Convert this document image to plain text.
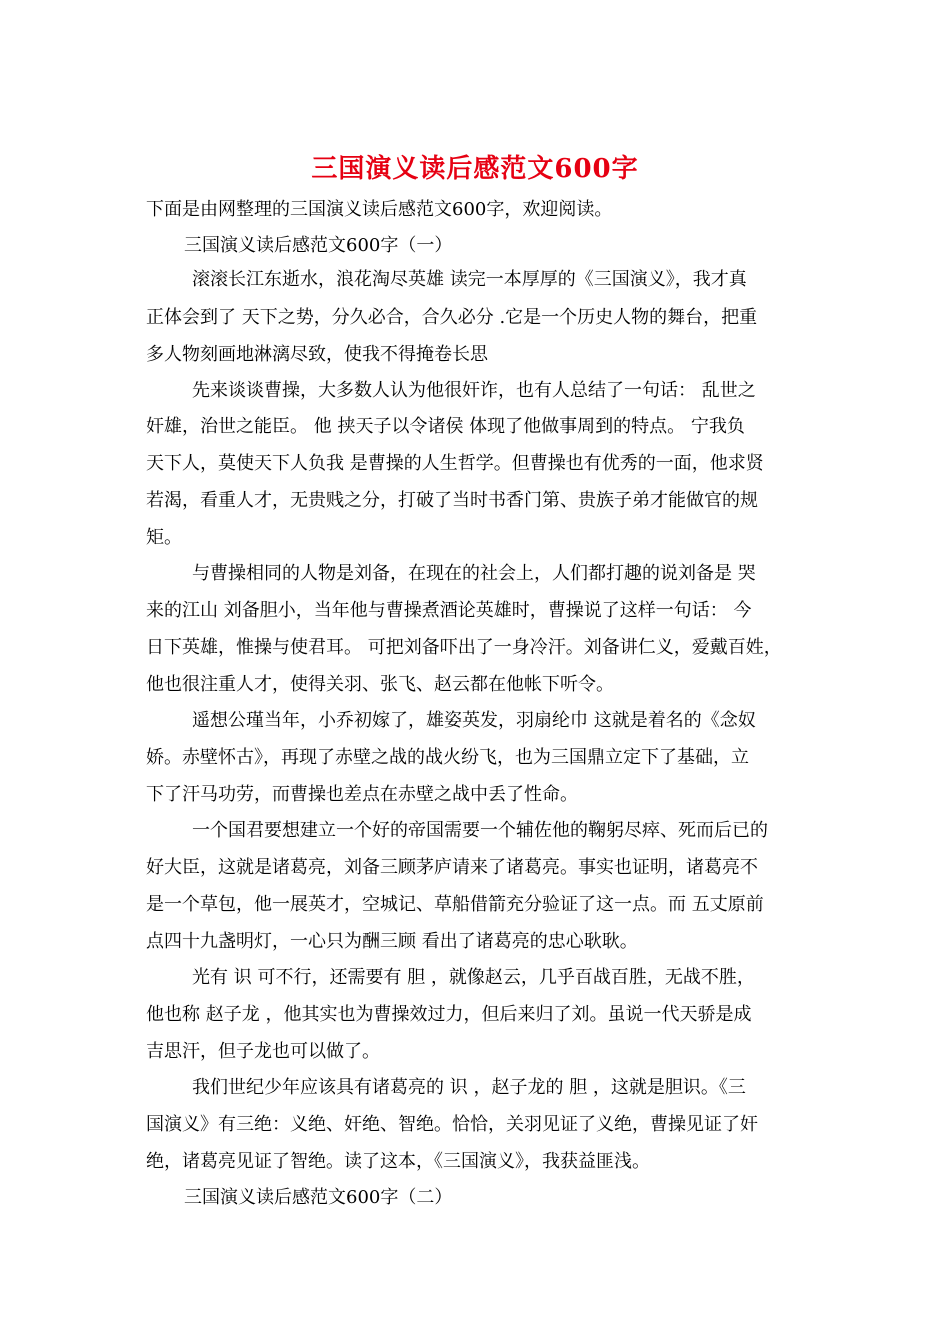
三国演义读后感范文600字
下面是由网整理的三国演义读后感范文600字，欢迎阅读。
三国演义读后感范文600字（一）
滚滚长江东逝水，浪花淘尽英雄 读完一本厚厚的《三国演义》，我才真
正体会到了 天下之势，分久必合，合久必分 .它是一个历史人物的舞台，把重
多人物刻画地淋漓尽致，使我不得掩卷长思
先来谈谈曹操，大多数人认为他很奸诈，也有人总结了一句话： 乱世之
奸雄，治世之能臣。 他 挟天子以令诸侯 体现了他做事周到的特点。 宁我负
天下人，莫使天下人负我 是曹操的人生哲学。但曹操也有优秀的一面，他求贤
若渴，看重人才，无贵贱之分，打破了当时书香门第、贵族子弟才能做官的规
矩。
与曹操相同的人物是刘备，在现在的社会上，人们都打趣的说刘备是 哭
来的江山 刘备胆小，当年他与曹操煮酒论英雄时，曹操说了这样一句话： 今
日下英雄，惟操与使君耳。 可把刘备吓出了一身冷汗。刘备讲仁义，爱戴百姓，
他也很注重人才，使得关羽、张飞、赵云都在他帐下听令。
遥想公瑾当年，小乔初嫁了，雄姿英发，羽扇纶巾 这就是着名的《念奴
娇。赤壁怀古》，再现了赤壁之战的战火纷飞，也为三国鼎立定下了基础，立
下了汗马功劳，而曹操也差点在赤壁之战中丢了性命。
一个国君要想建立一个好的帝国需要一个辅佐他的鞠躬尽瘁、死而后已的
好大臣，这就是诸葛亮，刘备三顾茅庐请来了诸葛亮。事实也证明，诸葛亮不
是一个草包，他一展英才，空城记、草船借箭充分验证了这一点。而 五丈原前
点四十九盏明灯，一心只为酬三顾 看出了诸葛亮的忠心耿耿。
光有 识 可不行，还需要有 胆 ，就像赵云，几乎百战百胜，无战不胜，
他也称 赵子龙 ，他其实也为曹操效过力，但后来归了刘。虽说一代天骄是成
吉思汗，但子龙也可以做了。
我们世纪少年应该具有诸葛亮的 识 ，赵子龙的 胆 ，这就是胆识。《三
国演义》有三绝：义绝、奸绝、智绝。恰恰，关羽见证了义绝，曹操见证了奸
绝，诸葛亮见证了智绝。读了这本，《三国演义》，我获益匪浅。
三国演义读后感范文600字（二）
